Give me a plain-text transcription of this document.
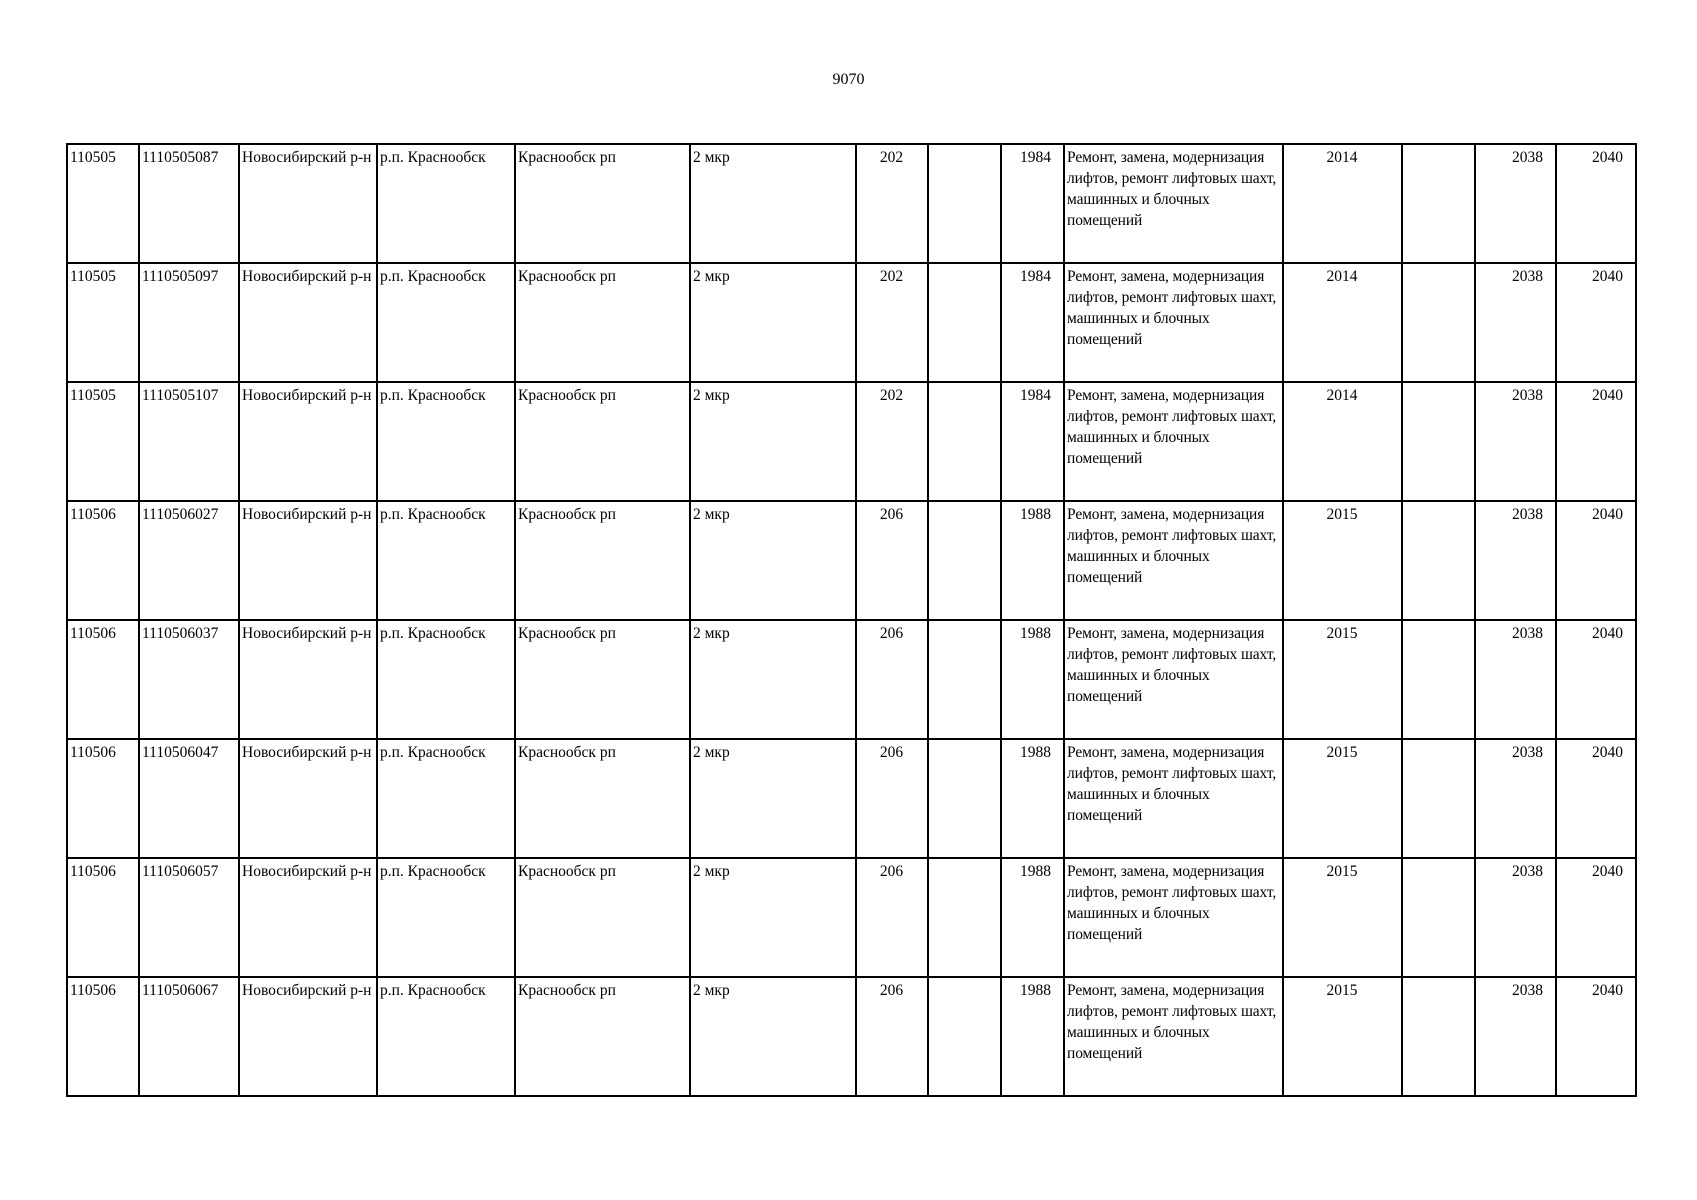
9070
110505	1110505087	Новосибирский р-н	р.п. Краснообск	Краснообск рп	2 мкр	202		1984	Ремонт, замена, модернизация лифтов, ремонт лифтовых шахт, машинных и блочных помещений	2014		2038	2040
110505	1110505097	Новосибирский р-н	р.п. Краснообск	Краснообск рп	2 мкр	202		1984	Ремонт, замена, модернизация лифтов, ремонт лифтовых шахт, машинных и блочных помещений	2014		2038	2040
110505	1110505107	Новосибирский р-н	р.п. Краснообск	Краснообск рп	2 мкр	202		1984	Ремонт, замена, модернизация лифтов, ремонт лифтовых шахт, машинных и блочных помещений	2014		2038	2040
110506	1110506027	Новосибирский р-н	р.п. Краснообск	Краснообск рп	2 мкр	206		1988	Ремонт, замена, модернизация лифтов, ремонт лифтовых шахт, машинных и блочных помещений	2015		2038	2040
110506	1110506037	Новосибирский р-н	р.п. Краснообск	Краснообск рп	2 мкр	206		1988	Ремонт, замена, модернизация лифтов, ремонт лифтовых шахт, машинных и блочных помещений	2015		2038	2040
110506	1110506047	Новосибирский р-н	р.п. Краснообск	Краснообск рп	2 мкр	206		1988	Ремонт, замена, модернизация лифтов, ремонт лифтовых шахт, машинных и блочных помещений	2015		2038	2040
110506	1110506057	Новосибирский р-н	р.п. Краснообск	Краснообск рп	2 мкр	206		1988	Ремонт, замена, модернизация лифтов, ремонт лифтовых шахт, машинных и блочных помещений	2015		2038	2040
110506	1110506067	Новосибирский р-н	р.п. Краснообск	Краснообск рп	2 мкр	206		1988	Ремонт, замена, модернизация лифтов, ремонт лифтовых шахт, машинных и блочных помещений	2015		2038	2040
